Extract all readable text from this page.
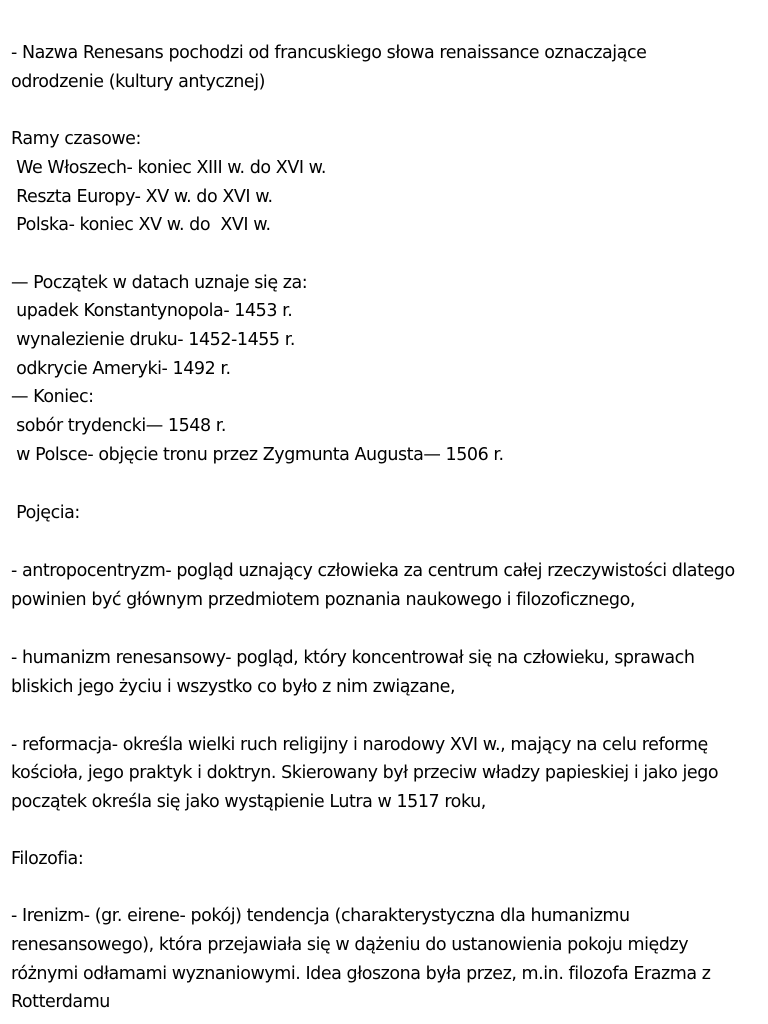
- Nazwa Renesans pochodzi od francuskiego słowa renaissance oznaczające
odrodzenie (kultury antycznej)
Ramy czasowe:
We Włoszech- koniec XIII w. do XVI w.
Reszta Europy- XV w. do XVI w.
Polska- koniec XV w. do  XVI w.
— Początek w datach uznaje się za:
upadek Konstantynopola- 1453 r.
wynalezienie druku- 1452-1455 r.
odkrycie Ameryki- 1492 r.
— Koniec:
sobór trydencki— 1548 r.
w Polsce- objęcie tronu przez Zygmunta Augusta— 1506 r.
Pojęcia:
- antropocentryzm- pogląd uznający człowieka za centrum całej rzeczywistości dlatego
powinien być głównym przedmiotem poznania naukowego i filozoficznego,
- humanizm renesansowy- pogląd, który koncentrował się na człowieku, sprawach
bliskich jego życiu i wszystko co było z nim związane,
- reformacja- określa wielki ruch religijny i narodowy XVI w., mający na celu reformę
kościoła, jego praktyk i doktryn. Skierowany był przeciw władzy papieskiej i jako jego
początek określa się jako wystąpienie Lutra w 1517 roku,
Filozofia:
- Irenizm- (gr. eirene- pokój) tendencja (charakterystyczna dla humanizmu
renesansowego), która przejawiała się w dążeniu do ustanowienia pokoju między
różnymi odłamami wyznaniowymi. Idea głoszona była przez, m.in. filozofa Erazma z
Rotterdamu
